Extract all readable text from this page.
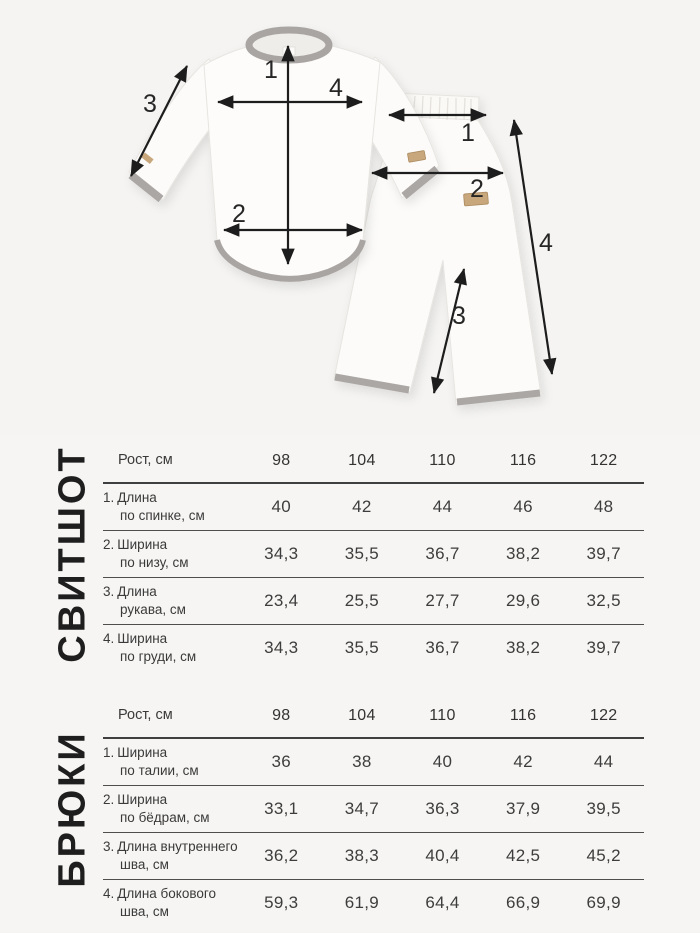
1
4
2
3
1
2
3
4
СВИТШОТ	Рост, см	98	104	110	116	122
1. Длина
по спинке, см	40	42	44	46	48
2. Ширина
по низу, см	34,3	35,5	36,7	38,2	39,7
3. Длина
рукава, см	23,4	25,5	27,7	29,6	32,5
4. Ширина
по груди, см	34,3	35,5	36,7	38,2	39,7
БРЮКИ
Рост, см	98	104	110	116	122
1. Ширина
по талии, см	36	38	40	42	44
2. Ширина
по бёдрам, см	33,1	34,7	36,3	37,9	39,5
3. Длина внутреннего
шва, см	36,2	38,3	40,4	42,5	45,2
4. Длина бокового
шва, см	59,3	61,9	64,4	66,9	69,9
